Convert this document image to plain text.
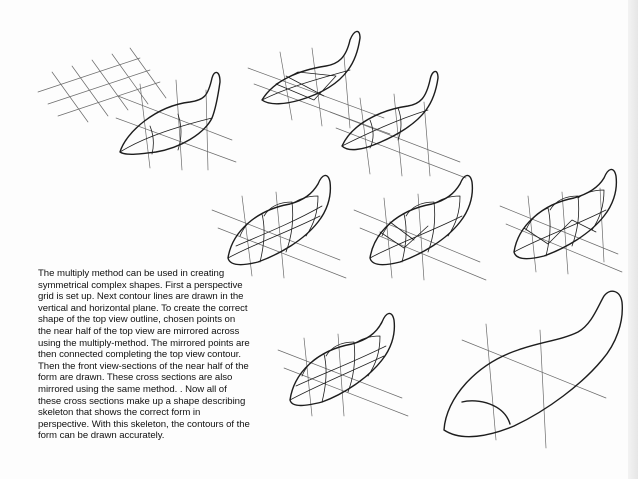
The multiply method can be used in creating
symmetrical complex shapes. First a perspective
grid is set up. Next contour lines are drawn in the
vertical and horizontal plane. To create the correct
shape of the top view outline, chosen points on
the near half of the top view are mirrored across
using the multiply-method. The mirrored points are
then connected completing the top view contour.
Then the front view-sections of the near half of the
form are drawn. These cross sections are also
mirrored using the same method. . Now all of
these cross sections make up a shape describing
skeleton that shows the correct form in
perspective. With this skeleton, the contours of the
form can be drawn accurately.
